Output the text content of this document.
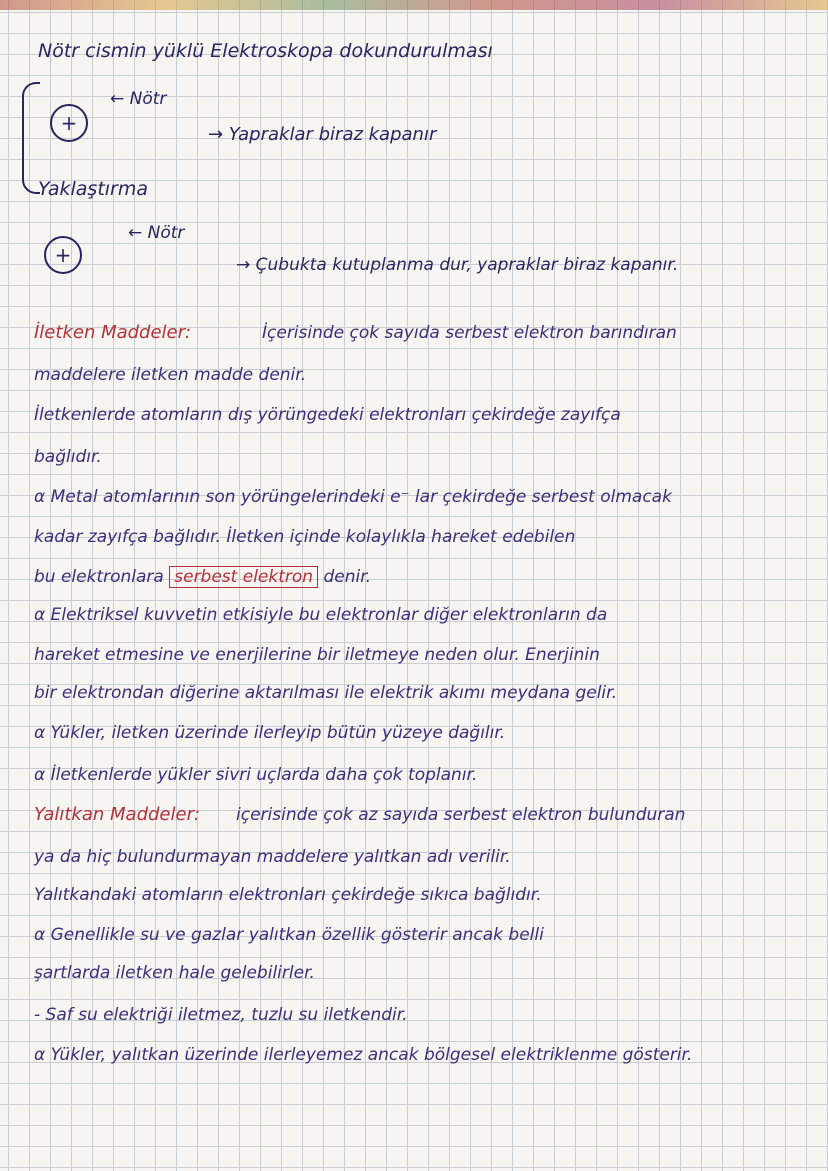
Nötr cismin yüklü Elektroskopa dokundurulması
+
← Nötr
→ Yapraklar biraz kapanır
Yaklaştırma
+
← Nötr
→ Çubukta kutuplanma dur, yapraklar biraz kapanır.
İletken Maddeler:	İçerisinde çok sayıda serbest elektron barındıran
maddelere iletken madde denir.
İletkenlerde atomların dış yörüngedeki elektronları çekirdeğe zayıfça
bağlıdır.
α Metal atomlarının son yörüngelerindeki e⁻ lar çekirdeğe serbest olmacak
kadar zayıfça bağlıdır. İletken içinde kolaylıkla hareket edebilen
bu elektronlara serbest elektron denir.
α Elektriksel kuvvetin etkisiyle bu elektronlar diğer elektronların da
hareket etmesine ve enerjilerine bir iletmeye neden olur. Enerjinin
bir elektrondan diğerine aktarılması ile elektrik akımı meydana gelir.
α Yükler, iletken üzerinde ilerleyip bütün yüzeye dağılır.
α İletkenlerde yükler sivri uçlarda daha çok toplanır.
Yalıtkan Maddeler: içerisinde çok az sayıda serbest elektron bulunduran
ya da hiç bulundurmayan maddelere yalıtkan adı verilir.
Yalıtkandaki atomların elektronları çekirdeğe sıkıca bağlıdır.
α Genellikle su ve gazlar yalıtkan özellik gösterir ancak belli
şartlarda iletken hale gelebilirler.
- Saf su elektriği iletmez, tuzlu su iletkendir.
α Yükler, yalıtkan üzerinde ilerleyemez ancak bölgesel elektriklenme gösterir.
